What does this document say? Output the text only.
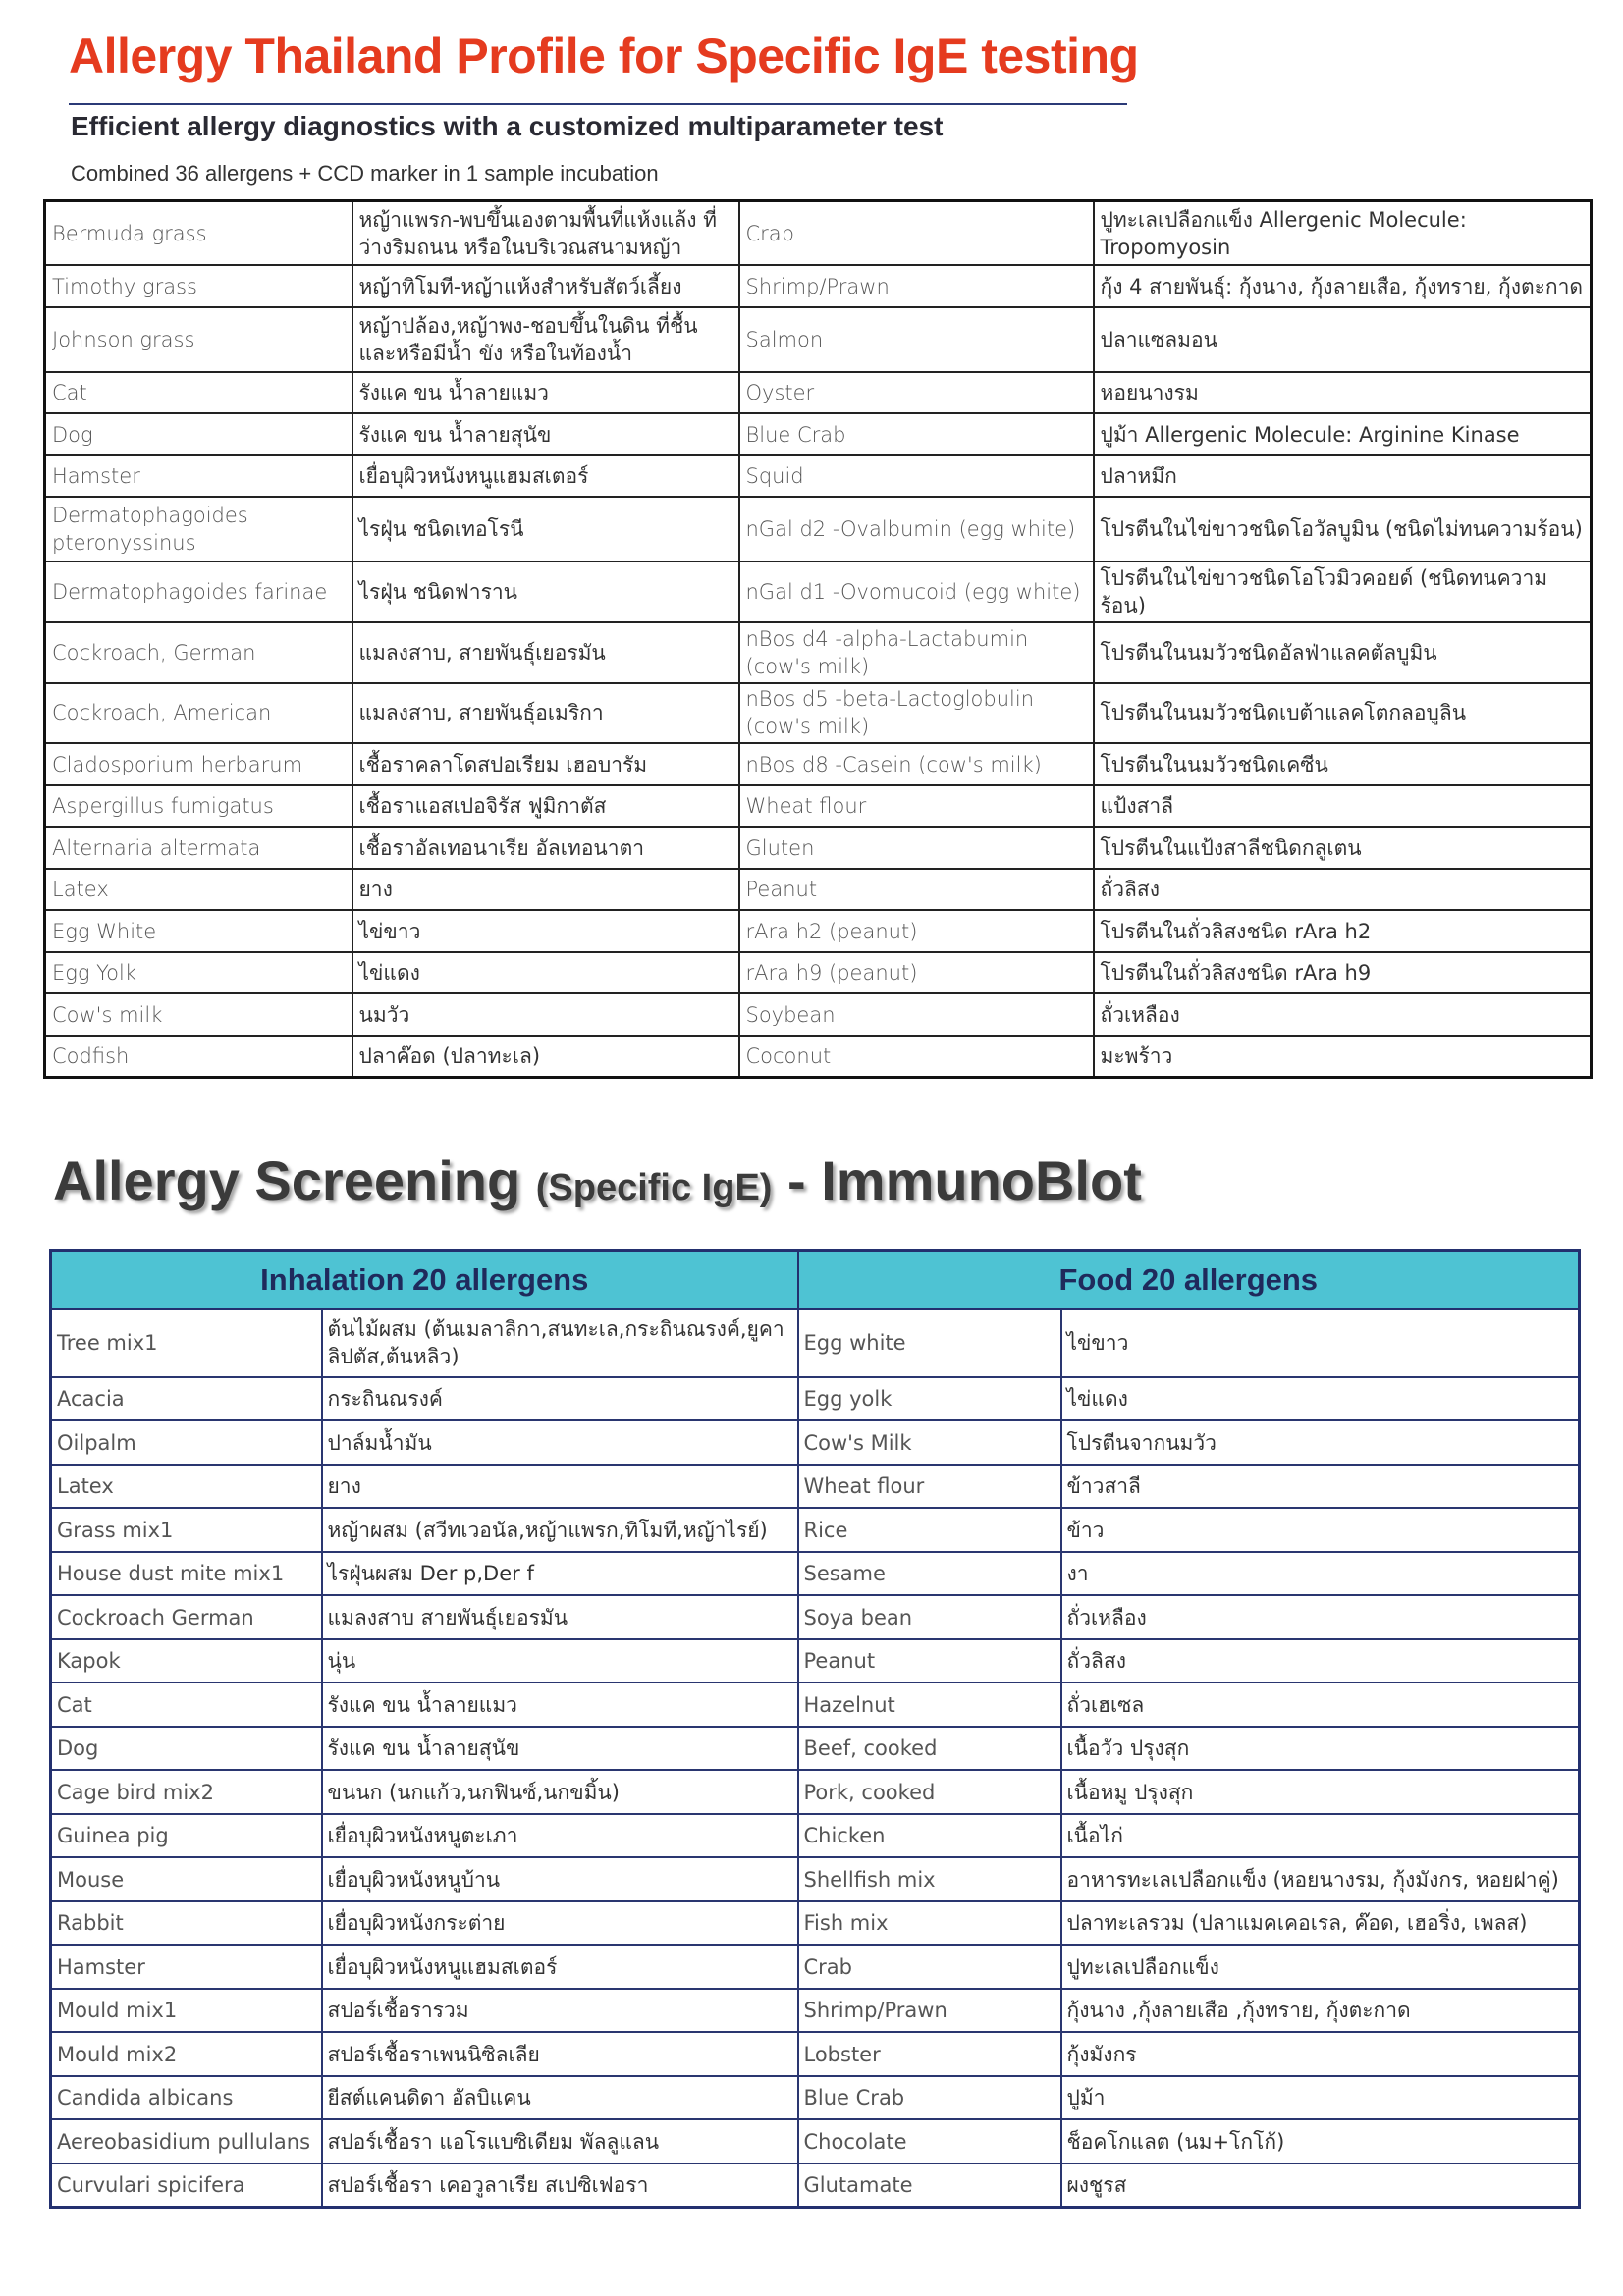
Allergy Thailand Profile for Specific IgE testing
Efficient allergy diagnostics with a customized multiparameter test
Combined 36 allergens + CCD marker in 1 sample incubation
Bermuda grass	หญ้าแพรก-พบขึ้นเองตามพื้นที่แห้งแล้ง ที่ว่างริมถนน หรือในบริเวณสนามหญ้า	Crab	ปูทะเลเปลือกแข็ง Allergenic Molecule: Tropomyosin
Timothy grass	หญ้าทิโมที-หญ้าแห้งสำหรับสัตว์เลี้ยง	Shrimp/Prawn	กุ้ง 4 สายพันธุ์: กุ้งนาง, กุ้งลายเสือ, กุ้งทราย, กุ้งตะกาด
Johnson grass	หญ้าปล้อง,หญ้าพง-ชอบขึ้นในดิน ที่ชื้นและหรือมีน้ำ ขัง หรือในท้องน้ำ	Salmon	ปลาแซลมอน
Cat	รังแค ขน น้ำลายแมว	Oyster	หอยนางรม
Dog	รังแค ขน น้ำลายสุนัข	Blue Crab	ปูม้า Allergenic Molecule: Arginine Kinase
Hamster	เยื่อบุผิวหนังหนูแฮมสเตอร์	Squid	ปลาหมึก
Dermatophagoides pteronyssinus	ไรฝุ่น ชนิดเทอโรนี	nGal d2 -Ovalbumin (egg white)	โปรตีนในไข่ขาวชนิดโอวัลบูมิน (ชนิดไม่ทนความร้อน)
Dermatophagoides farinae	ไรฝุ่น ชนิดฟาราน	nGal d1 -Ovomucoid (egg white)	โปรตีนในไข่ขาวชนิดโอโวมิวคอยด์ (ชนิดทนความร้อน)
Cockroach, German	แมลงสาบ, สายพันธุ์เยอรมัน	nBos d4 -alpha-Lactabumin (cow's milk)	โปรตีนในนมวัวชนิดอัลฟ่าแลคตัลบูมิน
Cockroach, American	แมลงสาบ, สายพันธุ์อเมริกา	nBos d5 -beta-Lactoglobulin (cow's milk)	โปรตีนในนมวัวชนิดเบต้าแลคโตกลอบูลิน
Cladosporium herbarum	เชื้อราคลาโดสปอเรียม เฮอบารัม	nBos d8 -Casein (cow's milk)	โปรตีนในนมวัวชนิดเคซีน
Aspergillus fumigatus	เชื้อราแอสเปอจิรัส ฟูมิกาตัส	Wheat flour	แป้งสาลี
Alternaria altermata	เชื้อราอัลเทอนาเรีย อัลเทอนาตา	Gluten	โปรตีนในแป้งสาลีชนิดกลูเตน
Latex	ยาง	Peanut	ถั่วลิสง
Egg White	ไข่ขาว	rAra h2 (peanut)	โปรตีนในถั่วลิสงชนิด rAra h2
Egg Yolk	ไข่แดง	rAra h9 (peanut)	โปรตีนในถั่วลิสงชนิด rAra h9
Cow's milk	นมวัว	Soybean	ถั่วเหลือง
Codfish	ปลาค๊อด (ปลาทะเล)	Coconut	มะพร้าว
Allergy Screening (Specific IgE) - ImmunoBlot
Inhalation 20 allergens		Food 20 allergens	
Tree mix1	ต้นไม้ผสม (ต้นเมลาลิกา,สนทะเล,กระถินณรงค์,ยูคาลิปตัส,ต้นหลิว)	Egg white	ไข่ขาว
Acacia	กระถินณรงค์	Egg yolk	ไข่แดง
Oilpalm	ปาล์มน้ำมัน	Cow's Milk	โปรตีนจากนมวัว
Latex	ยาง	Wheat flour	ข้าวสาลี
Grass mix1	หญ้าผสม (สวีทเวอนัล,หญ้าแพรก,ทิโมที,หญ้าไรย์)	Rice	ข้าว
House dust mite mix1	ไรฝุ่นผสม Der p,Der f	Sesame	งา
Cockroach German	แมลงสาบ สายพันธุ์เยอรมัน	Soya bean	ถั่วเหลือง
Kapok	นุ่น	Peanut	ถั่วลิสง
Cat	รังแค ขน น้ำลายแมว	Hazelnut	ถั่วเฮเซล
Dog	รังแค ขน น้ำลายสุนัข	Beef, cooked	เนื้อวัว ปรุงสุก
Cage bird mix2	ขนนก (นกแก้ว,นกฟินซ์,นกขมิ้น)	Pork, cooked	เนื้อหมู ปรุงสุก
Guinea pig	เยื่อบุผิวหนังหนูตะเภา	Chicken	เนื้อไก่
Mouse	เยื่อบุผิวหนังหนูบ้าน	Shellfish mix	อาหารทะเลเปลือกแข็ง (หอยนางรม, กุ้งมังกร, หอยฝาคู่)
Rabbit	เยื่อบุผิวหนังกระต่าย	Fish mix	ปลาทะเลรวม (ปลาแมคเคอเรล, ค๊อด, เฮอริ่ง, เพลส)
Hamster	เยื่อบุผิวหนังหนูแฮมสเตอร์	Crab	ปูทะเลเปลือกแข็ง
Mould mix1	สปอร์เชื้อรารวม	Shrimp/Prawn	กุ้งนาง ,กุ้งลายเสือ ,กุ้งทราย, กุ้งตะกาด
Mould mix2	สปอร์เชื้อราเพนนิซิลเลีย	Lobster	กุ้งมังกร
Candida albicans	ยีสต์แคนดิดา อัลบิแคน	Blue Crab	ปูม้า
Aereobasidium pullulans	สปอร์เชื้อรา แอโรแบซิเดียม พัลลูแลน	Chocolate	ช็อคโกแลต (นม+โกโก้)
Curvulari spicifera	สปอร์เชื้อรา เคอวูลาเรีย สเปซิเฟอรา	Glutamate	ผงชูรส
